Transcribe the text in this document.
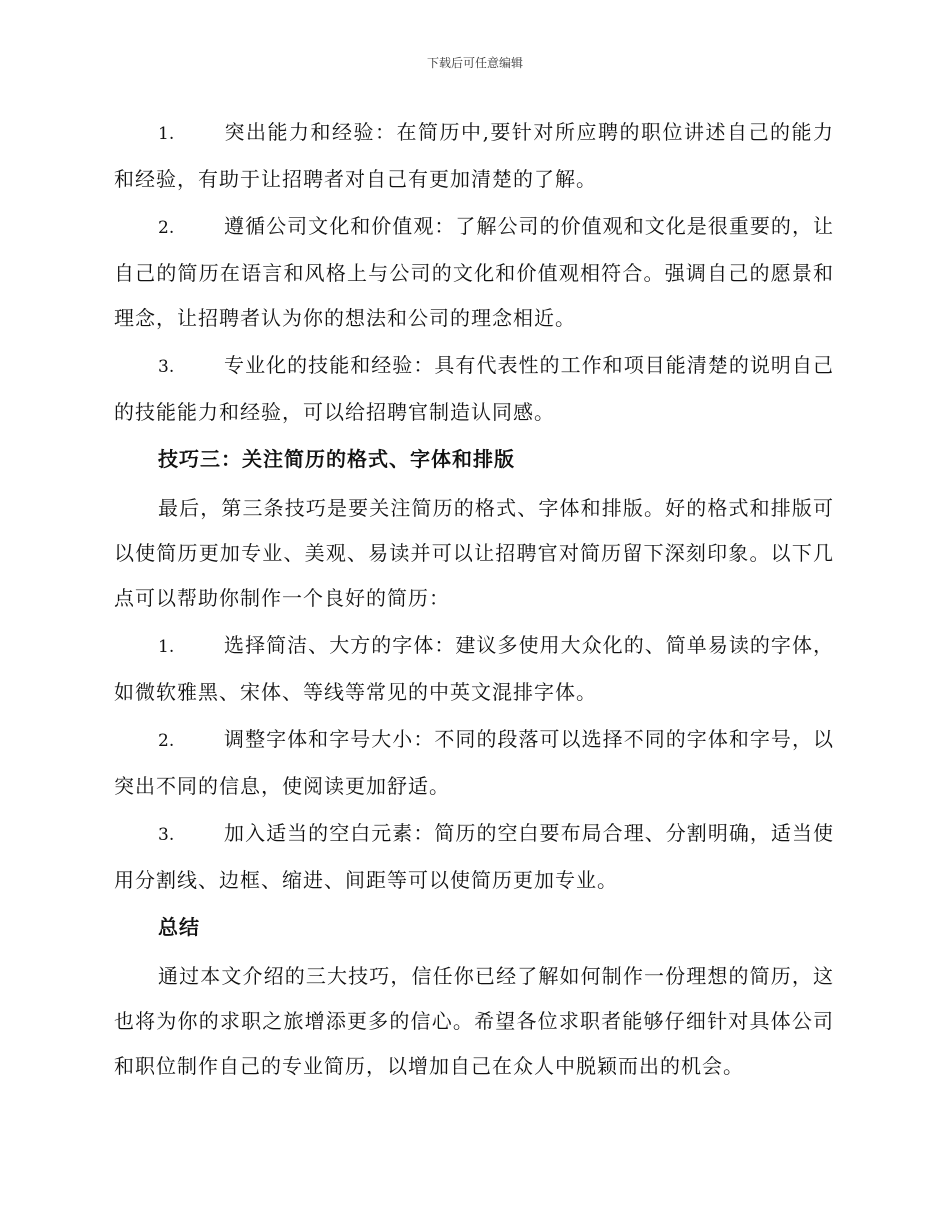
下载后可任意编辑

1. 突出能力和经验：在简历中,要针对所应聘的职位讲述自己的能力和经验，有助于让招聘者对自己有更加清楚的了解。

2. 遵循公司文化和价值观：了解公司的价值观和文化是很重要的，让自己的简历在语言和风格上与公司的文化和价值观相符合。强调自己的愿景和理念，让招聘者认为你的想法和公司的理念相近。

3. 专业化的技能和经验：具有代表性的工作和项目能清楚的说明自己的技能能力和经验，可以给招聘官制造认同感。

技巧三：关注简历的格式、字体和排版

最后，第三条技巧是要关注简历的格式、字体和排版。好的格式和排版可以使简历更加专业、美观、易读并可以让招聘官对简历留下深刻印象。以下几点可以帮助你制作一个良好的简历：

1. 选择简洁、大方的字体：建议多使用大众化的、简单易读的字体，如微软雅黑、宋体、等线等常见的中英文混排字体。

2. 调整字体和字号大小：不同的段落可以选择不同的字体和字号，以突出不同的信息，使阅读更加舒适。

3. 加入适当的空白元素：简历的空白要布局合理、分割明确，适当使用分割线、边框、缩进、间距等可以使简历更加专业。

总结

通过本文介绍的三大技巧，信任你已经了解如何制作一份理想的简历，这也将为你的求职之旅增添更多的信心。希望各位求职者能够仔细针对具体公司和职位制作自己的专业简历，以增加自己在众人中脱颖而出的机会。
